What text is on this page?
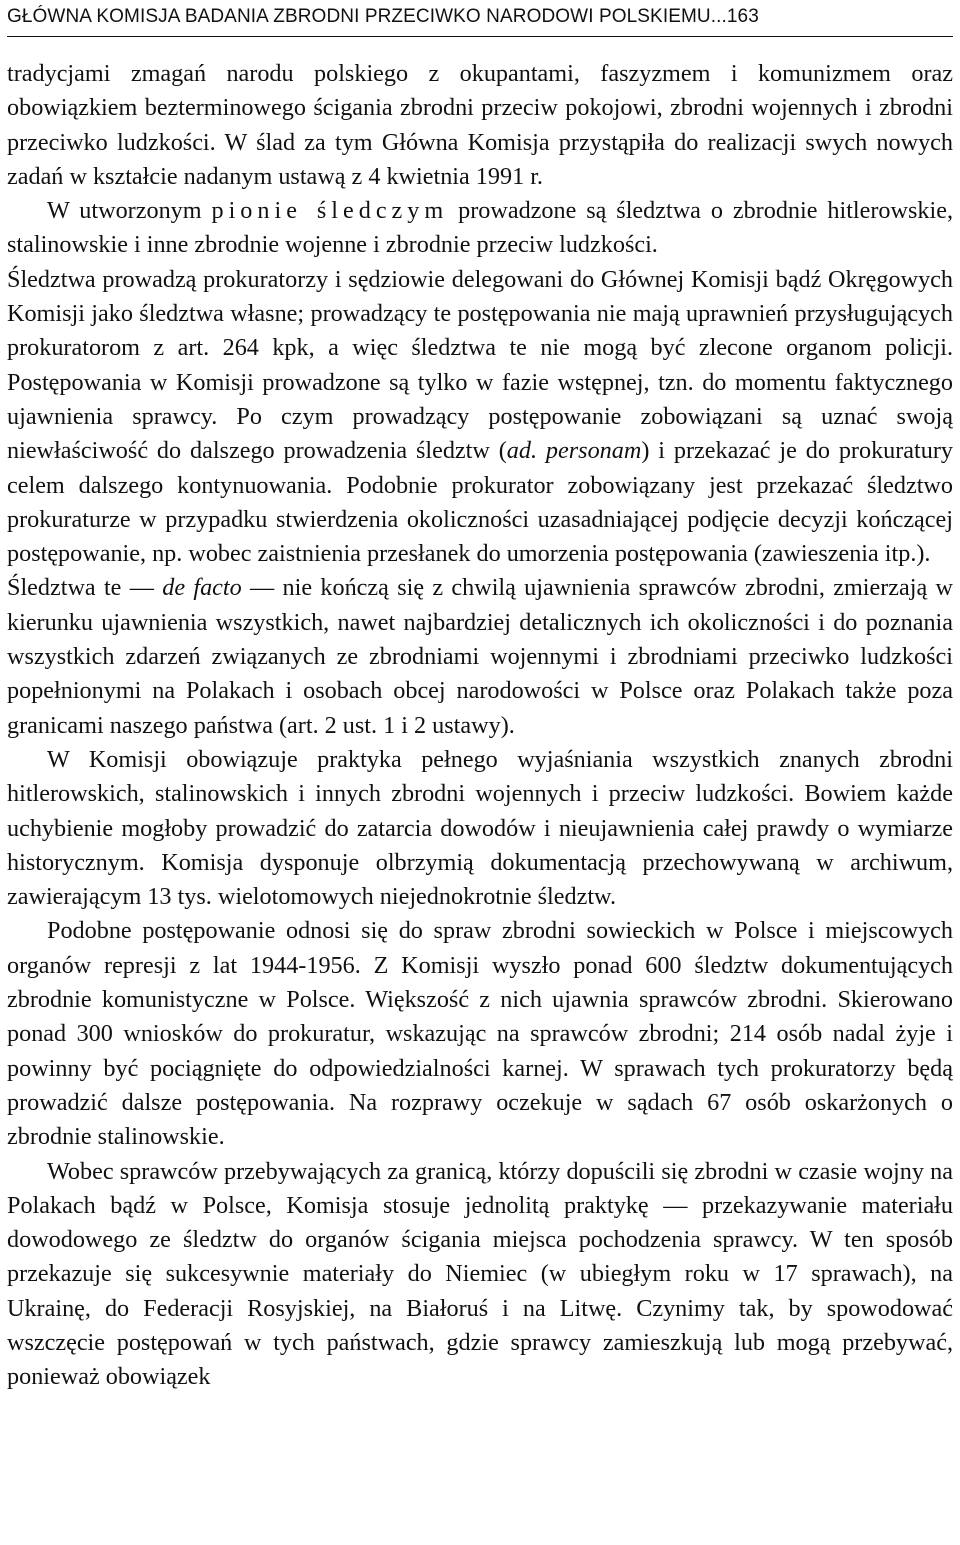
GŁÓWNA KOMISJA BADANIA ZBRODNI PRZECIWKO NARODOWI POLSKIEMU...163

tradycjami zmagań narodu polskiego z okupantami, faszyzmem i komunizmem oraz obowiązkiem bezterminowego ścigania zbrodni przeciw pokojowi, zbrodni wojennych i zbrodni przeciwko ludzkości. W ślad za tym Główna Komisja przystąpiła do realizacji swych nowych zadań w kształcie nadanym ustawą z 4 kwietnia 1991 r.

W utworzonym pionie śledczym prowadzone są śledztwa o zbrodnie hitlerowskie, stalinowskie i inne zbrodnie wojenne i zbrodnie przeciw ludzkości.

Śledztwa prowadzą prokuratorzy i sędziowie delegowani do Głównej Komisji bądź Okręgowych Komisji jako śledztwa własne; prowadzący te postępowania nie mają uprawnień przysługujących prokuratorom z art. 264 kpk, a więc śledztwa te nie mogą być zlecone organom policji. Postępowania w Komisji prowadzone są tylko w fazie wstępnej, tzn. do momentu faktycznego ujawnienia sprawcy. Po czym prowadzący postępowanie zobowiązani są uznać swoją niewłaściwość do dalszego prowadzenia śledztw (ad. personam) i przekazać je do prokuratury celem dalszego kontynuowania. Podobnie prokurator zobowiązany jest przekazać śledztwo prokuraturze w przypadku stwierdzenia okoliczności uzasadniającej podjęcie decyzji kończącej postępowanie, np. wobec zaistnienia przesłanek do umorzenia postępowania (zawieszenia itp.).

Śledztwa te — de facto — nie kończą się z chwilą ujawnienia sprawców zbrodni, zmierzają w kierunku ujawnienia wszystkich, nawet najbardziej detalicznych ich okoliczności i do poznania wszystkich zdarzeń związanych ze zbrodniami wojennymi i zbrodniami przeciwko ludzkości popełnionymi na Polakach i osobach obcej narodowości w Polsce oraz Polakach także poza granicami naszego państwa (art. 2 ust. 1 i 2 ustawy).

W Komisji obowiązuje praktyka pełnego wyjaśniania wszystkich znanych zbrodni hitlerowskich, stalinowskich i innych zbrodni wojennych i przeciw ludzkości. Bowiem każde uchybienie mogłoby prowadzić do zatarcia dowodów i nieujawnienia całej prawdy o wymiarze historycznym. Komisja dysponuje olbrzymią dokumentacją przechowywaną w archiwum, zawierającym 13 tys. wielotomowych niejednokrotnie śledztw.

Podobne postępowanie odnosi się do spraw zbrodni sowieckich w Polsce i miejscowych organów represji z lat 1944-1956. Z Komisji wyszło ponad 600 śledztw dokumentujących zbrodnie komunistyczne w Polsce. Większość z nich ujawnia sprawców zbrodni. Skierowano ponad 300 wniosków do prokuratur, wskazując na sprawców zbrodni; 214 osób nadal żyje i powinny być pociągnięte do odpowiedzialności karnej. W sprawach tych prokuratorzy będą prowadzić dalsze postępowania. Na rozprawy oczekuje w sądach 67 osób oskarżonych o zbrodnie stalinowskie.

Wobec sprawców przebywających za granicą, którzy dopuścili się zbrodni w czasie wojny na Polakach bądź w Polsce, Komisja stosuje jednolitą praktykę — przekazywanie materiału dowodowego ze śledztw do organów ścigania miejsca pochodzenia sprawcy. W ten sposób przekazuje się sukcesywnie materiały do Niemiec (w ubiegłym roku w 17 sprawach), na Ukrainę, do Federacji Rosyjskiej, na Białoruś i na Litwę. Czynimy tak, by spowodować wszczęcie postępowań w tych państwach, gdzie sprawcy zamieszkują lub mogą przebywać, ponieważ obowiązek
